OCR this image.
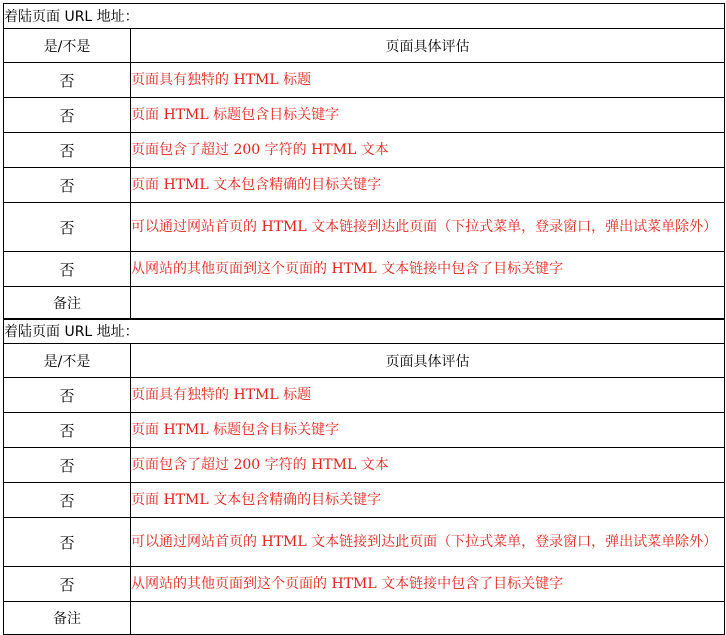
着陆页面 URL 地址：	
是/不是	页面具体评估
否	页面具有独特的 HTML 标题
否	页面 HTML 标题包含目标关键字
否	页面包含了超过 200 字符的 HTML 文本
否	页面 HTML 文本包含精确的目标关键字
否	可以通过网站首页的 HTML 文本链接到达此页面（下拉式菜单，登录窗口，弹出试菜单除外）
否	从网站的其他页面到这个页面的 HTML 文本链接中包含了目标关键字
备注	
着陆页面 URL 地址：	
是/不是	页面具体评估
否	页面具有独特的 HTML 标题
否	页面 HTML 标题包含目标关键字
否	页面包含了超过 200 字符的 HTML 文本
否	页面 HTML 文本包含精确的目标关键字
否	可以通过网站首页的 HTML 文本链接到达此页面（下拉式菜单，登录窗口，弹出试菜单除外）
否	从网站的其他页面到这个页面的 HTML 文本链接中包含了目标关键字
备注	
